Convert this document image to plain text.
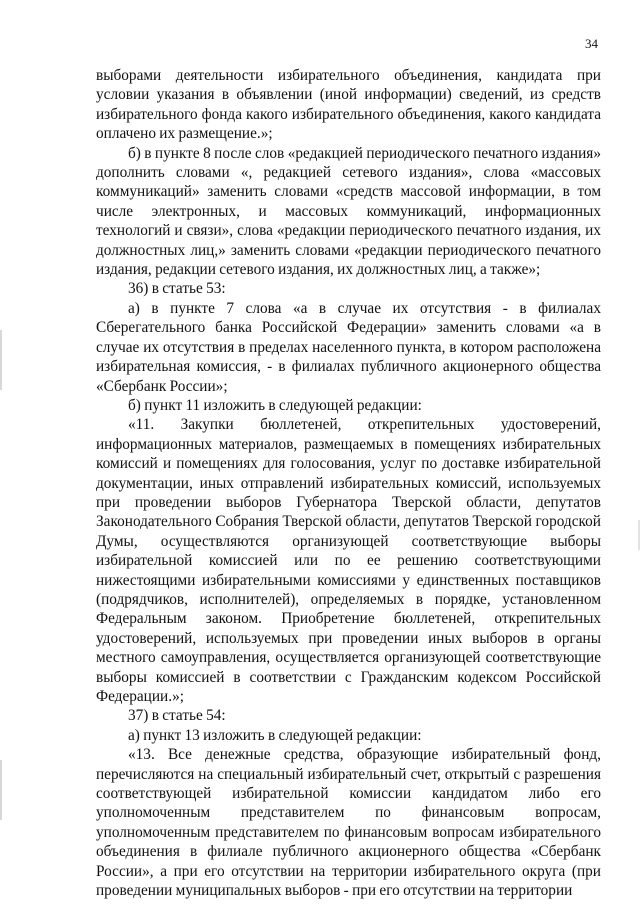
34

выборами деятельности избирательного объединения, кандидата при условии указания в объявлении (иной информации) сведений, из средств избирательного фонда какого избирательного объединения, какого кандидата оплачено их размещение.»;

б) в пункте 8 после слов «редакцией периодического печатного издания» дополнить словами «, редакцией сетевого издания», слова «массовых коммуникаций» заменить словами «средств массовой информации, в том числе электронных, и массовых коммуникаций, информационных технологий и связи», слова «редакции периодического печатного издания, их должностных лиц,» заменить словами «редакции периодического печатного издания, редакции сетевого издания, их должностных лиц, а также»;

36) в статье 53:

а) в пункте 7 слова «а в случае их отсутствия - в филиалах Сберегательного банка Российской Федерации» заменить словами «а в случае их отсутствия в пределах населенного пункта, в котором расположена избирательная комиссия, - в филиалах публичного акционерного общества «Сбербанк России»;

б) пункт 11 изложить в следующей редакции:

«11. Закупки бюллетеней, открепительных удостоверений, информационных материалов, размещаемых в помещениях избирательных комиссий и помещениях для голосования, услуг по доставке избирательной документации, иных отправлений избирательных комиссий, используемых при проведении выборов Губернатора Тверской области, депутатов Законодательного Собрания Тверской области, депутатов Тверской городской Думы, осуществляются организующей соответствующие выборы избирательной комиссией или по ее решению соответствующими нижестоящими избирательными комиссиями у единственных поставщиков (подрядчиков, исполнителей), определяемых в порядке, установленном Федеральным законом. Приобретение бюллетеней, открепительных удостоверений, используемых при проведении иных выборов в органы местного самоуправления, осуществляется организующей соответствующие выборы комиссией в соответствии с Гражданским кодексом Российской Федерации.»;

37) в статье 54:

а) пункт 13 изложить в следующей редакции:

«13. Все денежные средства, образующие избирательный фонд, перечисляются на специальный избирательный счет, открытый с разрешения соответствующей избирательной комиссии кандидатом либо его уполномоченным представителем по финансовым вопросам, уполномоченным представителем по финансовым вопросам избирательного объединения в филиале публичного акционерного общества «Сбербанк России», а при его отсутствии на территории избирательного округа (при проведении муниципальных выборов - при его отсутствии на территории
